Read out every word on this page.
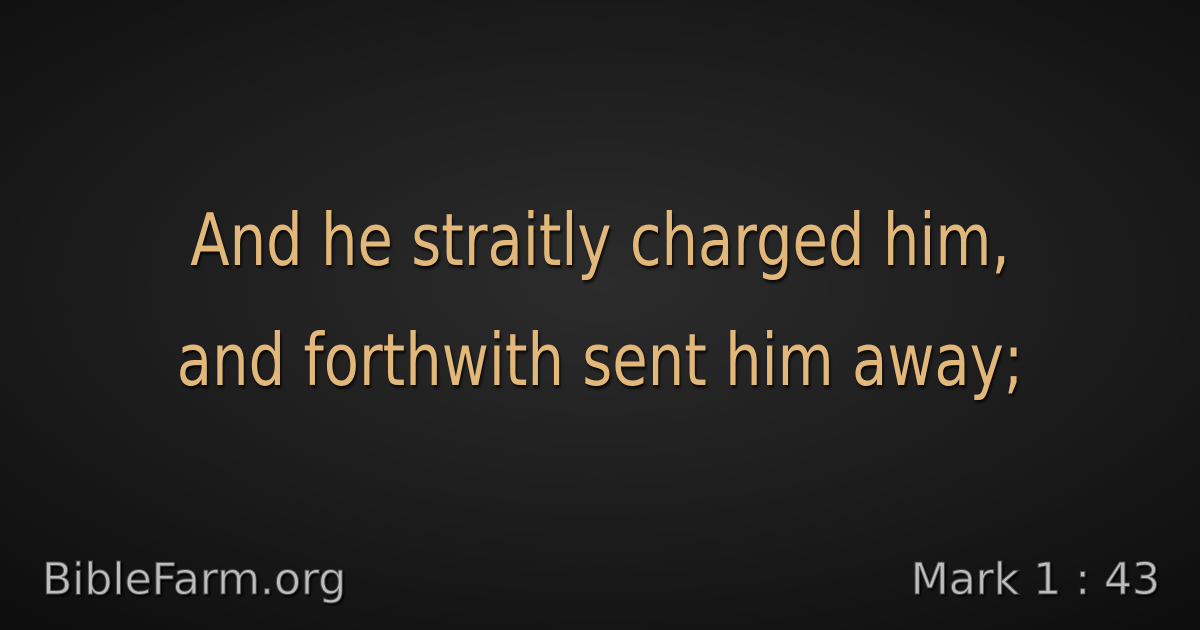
And he straitly charged him,
and forthwith sent him away;
BibleFarm.org	Mark 1 : 43
